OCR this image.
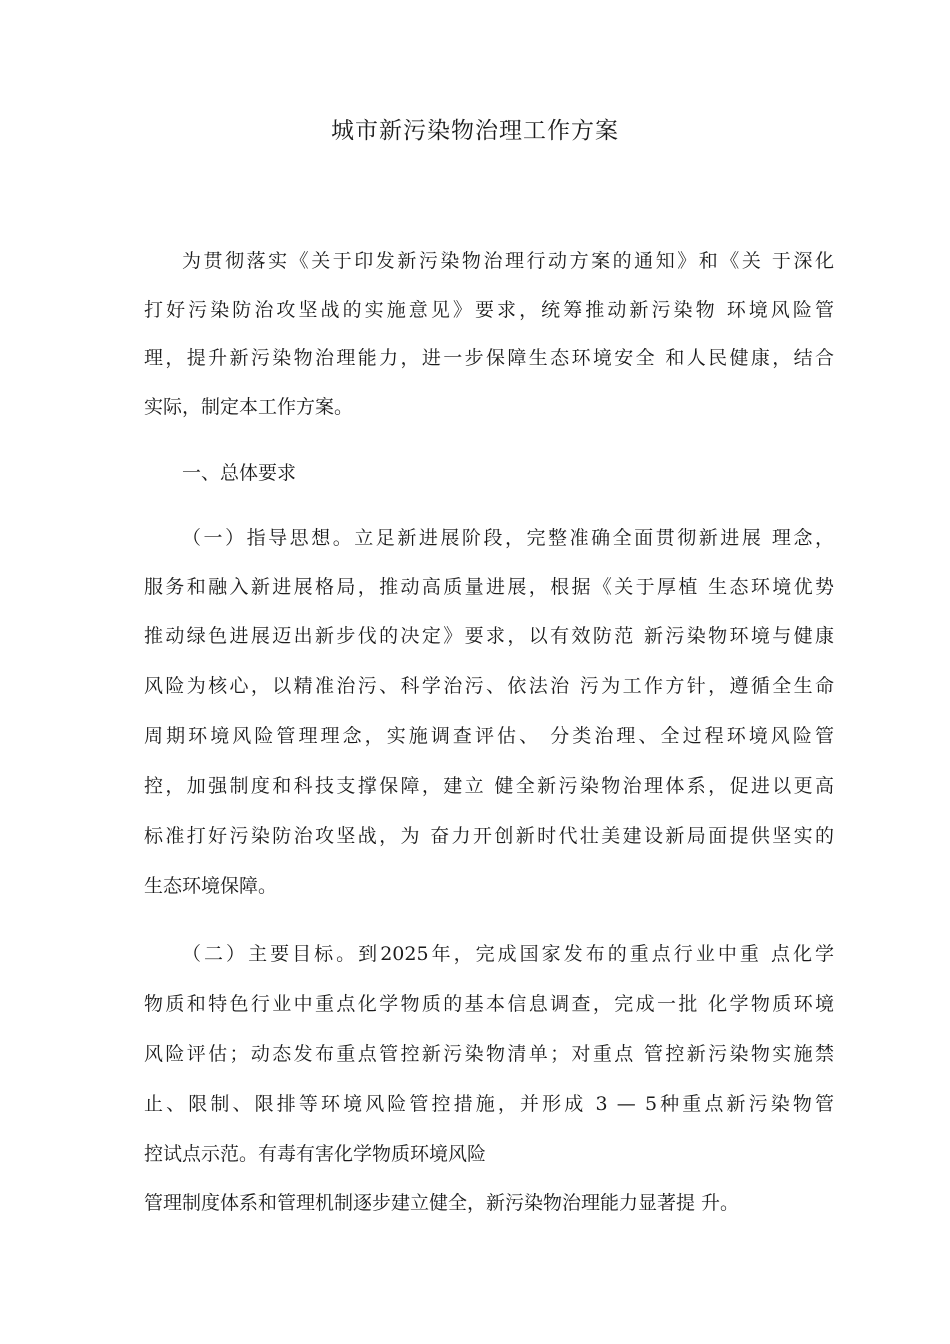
城市新污染物治理工作方案
为贯彻落实《关于印发新污染物治理行动方案的通知》和《关 于深化
打好污染防治攻坚战的实施意见》要求，统筹推动新污染物 环境风险管
理，提升新污染物治理能力，进一步保障生态环境安全 和人民健康，结合
实际，制定本工作方案。
一、总体要求
（一）指导思想。立足新进展阶段，完整准确全面贯彻新进展 理念，
服务和融入新进展格局，推动高质量进展，根据《关于厚植 生态环境优势
推动绿色进展迈出新步伐的决定》要求，以有效防范 新污染物环境与健康
风险为核心，以精准治污、科学治污、依法治 污为工作方针，遵循全生命
周期环境风险管理理念，实施调查评估、 分类治理、全过程环境风险管
控，加强制度和科技支撑保障，建立 健全新污染物治理体系，促进以更高
标准打好污染防治攻坚战，为 奋力开创新时代壮美建设新局面提供坚实的
生态环境保障。
（二）主要目标。到2025年，完成国家发布的重点行业中重 点化学
物质和特色行业中重点化学物质的基本信息调查，完成一批 化学物质环境
风险评估；动态发布重点管控新污染物清单；对重点 管控新污染物实施禁
止、限制、限排等环境风险管控措施，并形成 3 — 5种重点新污染物管
控试点示范。有毒有害化学物质环境风险
管理制度体系和管理机制逐步建立健全，新污染物治理能力显著提 升。
